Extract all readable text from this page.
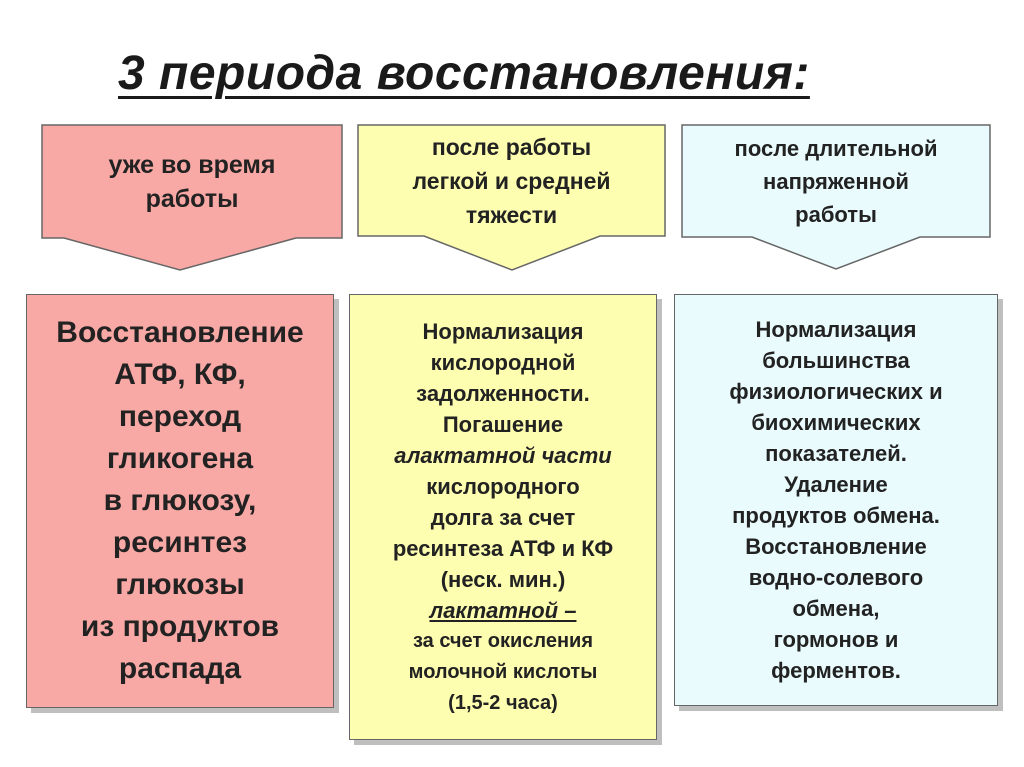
3 периода восстановления:
уже во время
работы
после работы
легкой и средней
тяжести
после длительной
напряженной
работы
Восстановление
АТФ, КФ,
переход
гликогена
в глюкозу,
ресинтез
глюкозы
из продуктов
распада
Нормализация
кислородной
задолженности.
Погашение
алактатной части
кислородного
долга за счет
ресинтеза АТФ и КФ
(неск. мин.)
лактатной –
за счет окисления
молочной кислоты
(1,5-2 часа)
Нормализация
большинства
физиологических и
биохимических
показателей.
Удаление
продуктов обмена.
Восстановление
водно-солевого
обмена,
гормонов и
ферментов.
